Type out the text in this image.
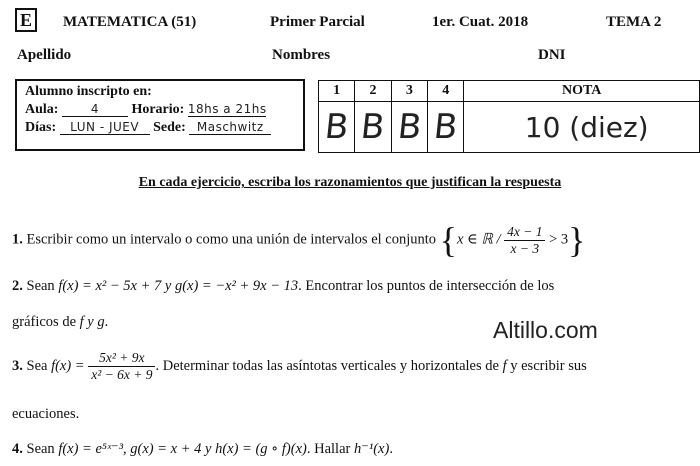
E	MATEMATICA (51)	Primer Parcial	1er. Cuat. 2018	TEMA 2
Apellido	Nombres	DNI
Alumno inscripto en:
Aula:	4 Horario: 18hs a 21hs
Días: LUN - JUEV Sede: Maschwitz
1	2	3	4	NOTA
B	B	B	B	10 (diez)
En cada ejercicio, escriba los razonamientos que justifican la respuesta
1. Escribir como un intervalo o como una unión de intervalos el conjunto {x ∈ ℝ / $\frac{4x - 1}{x - 3} > 3$}
2. Sean f(x) = x² − 5x + 7 y g(x) = −x² + 9x − 13. Encontrar los puntos de intersección de los
gráficos de f y g.
3. Sea $f(x) = \frac{\text{5x² + 9x}}{\text{x² − 6x + 9}}$ . Determinar todas las asíntotas verticales y horizontales de f y escribir sus
ecuaciones.
4. Sean f(x) = e⁵ˣ⁻³, g(x) = x + 4 y h(x) = (g ∘ f)(x). Hallar h⁻¹(x).
Altillo.com
